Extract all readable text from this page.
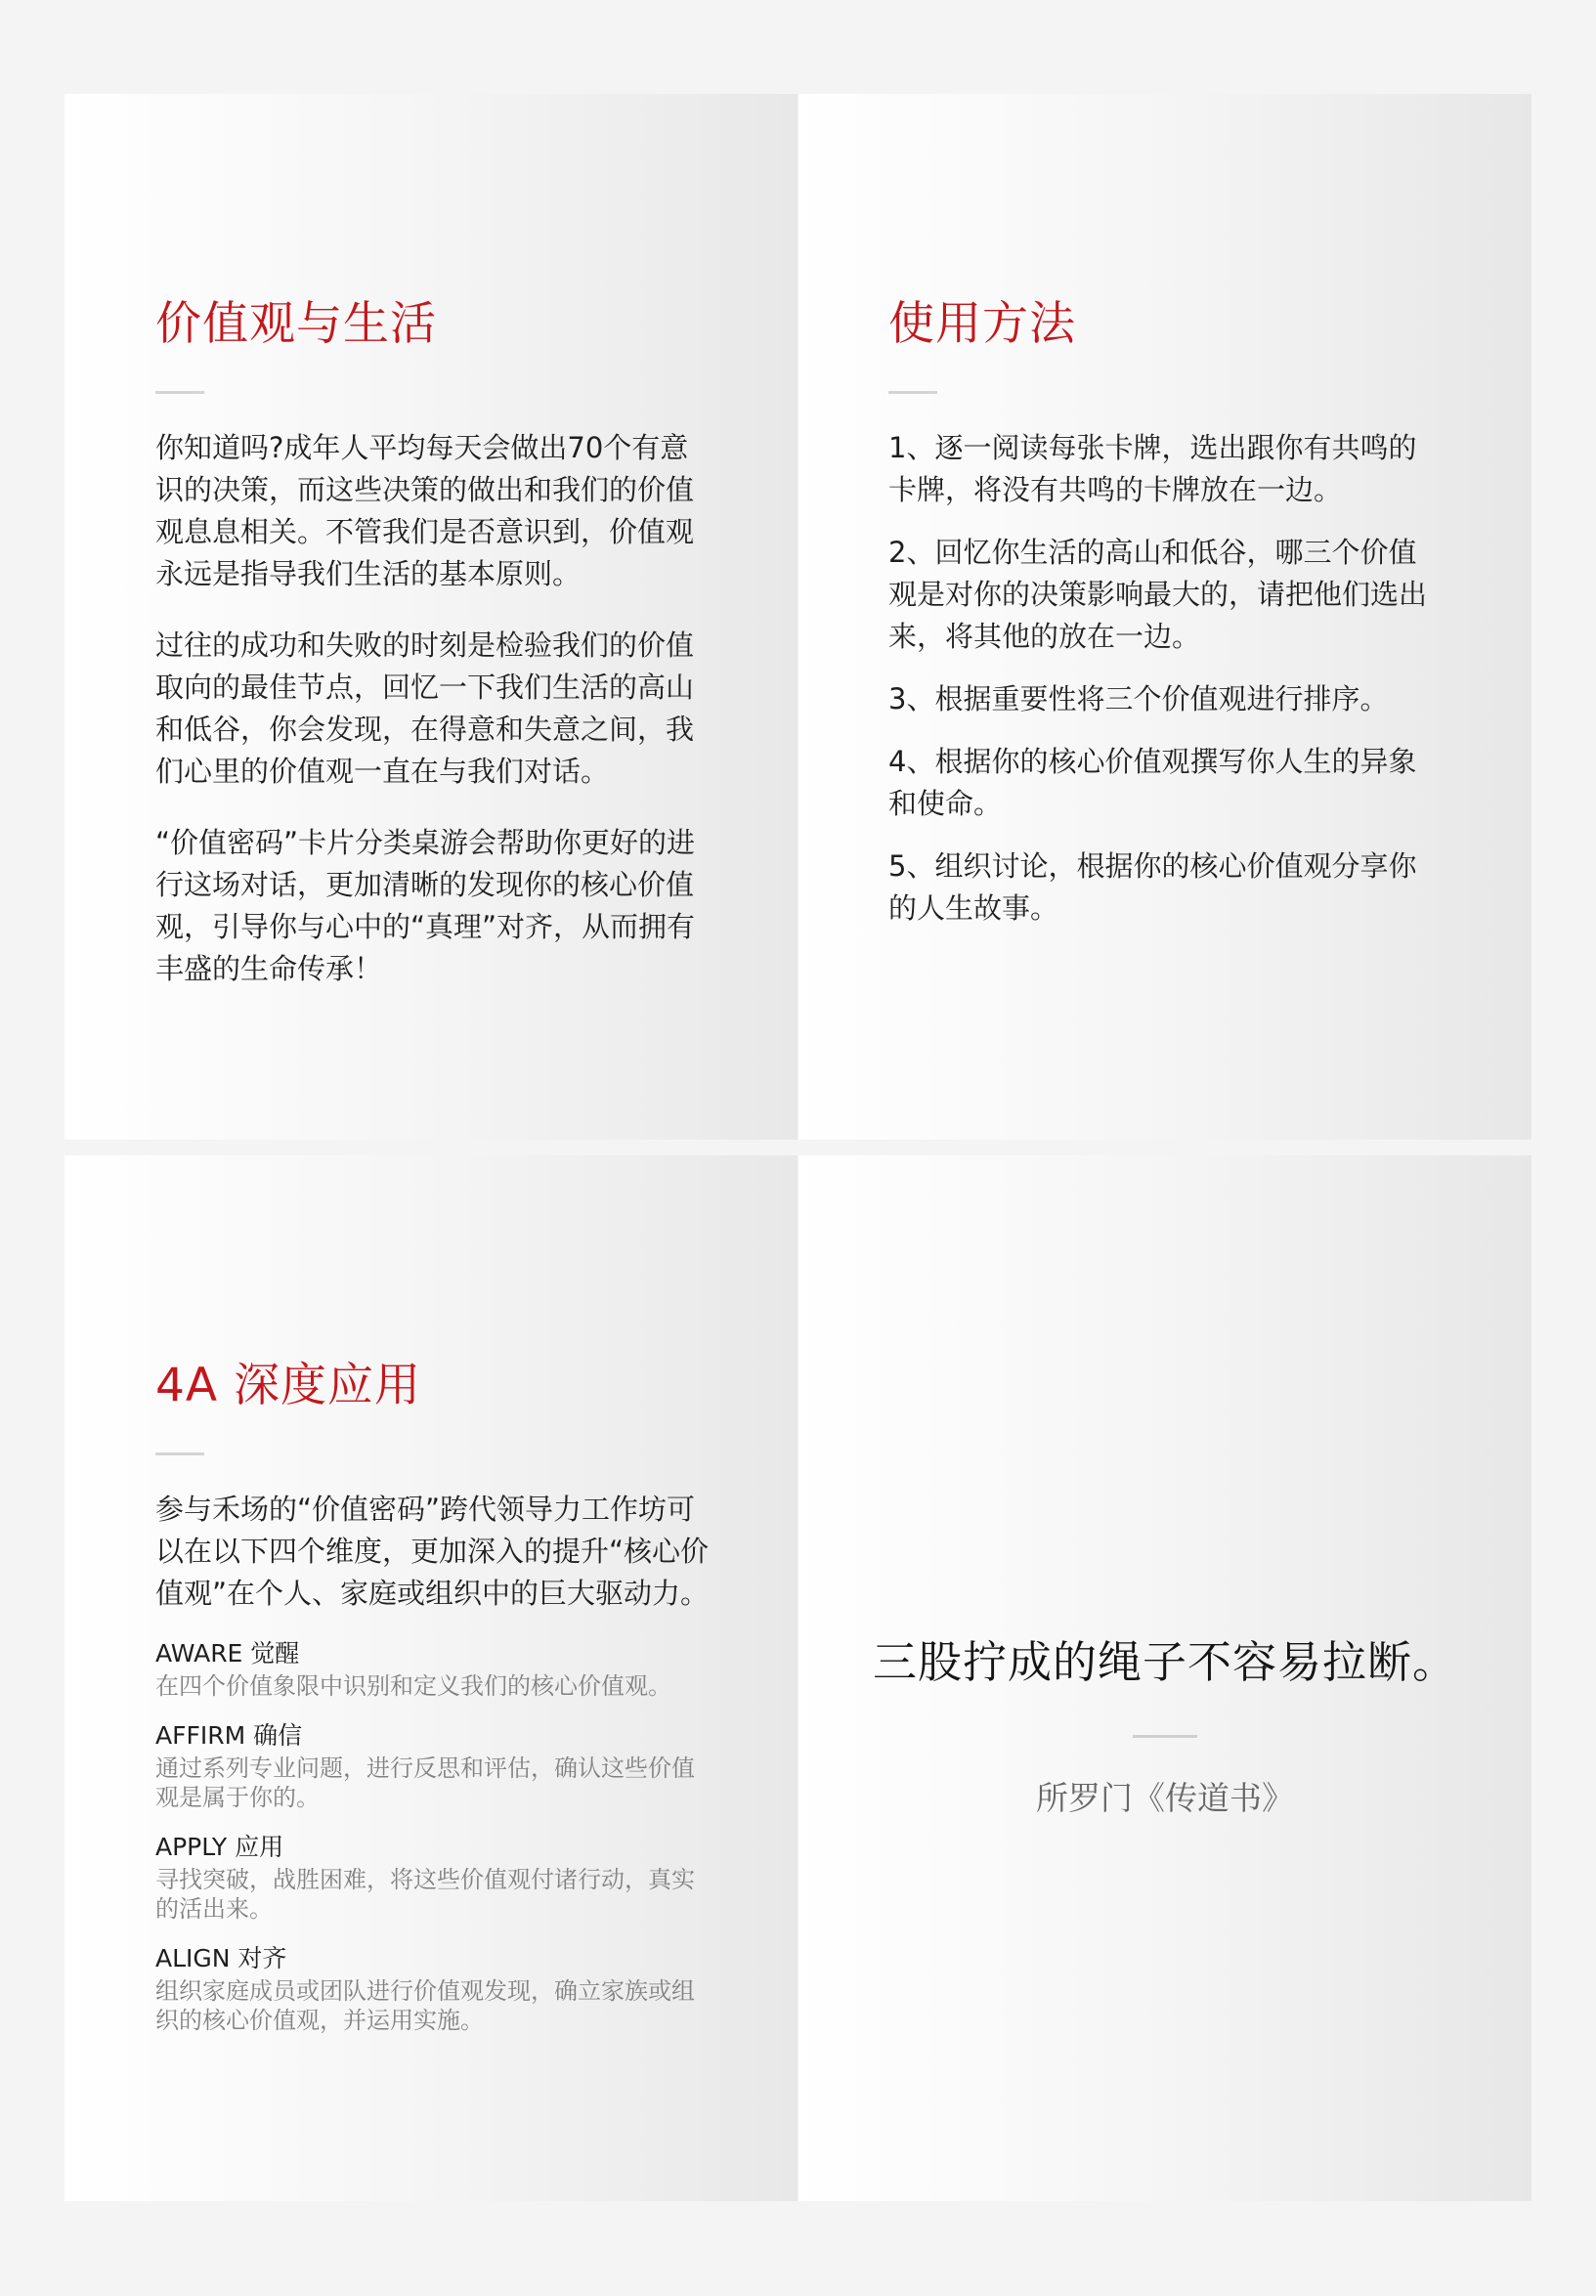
价值观与生活

你知道吗?成年人平均每天会做出70个有意识的决策，而这些决策的做出和我们的价值观息息相关。不管我们是否意识到，价值观永远是指导我们生活的基本原则。

过往的成功和失败的时刻是检验我们的价值取向的最佳节点，回忆一下我们生活的高山和低谷，你会发现，在得意和失意之间，我们心里的价值观一直在与我们对话。

“价值密码”卡片分类桌游会帮助你更好的进行这场对话，更加清晰的发现你的核心价值观，引导你与心中的“真理”对齐，从而拥有丰盛的生命传承！

使用方法

1、逐一阅读每张卡牌，选出跟你有共鸣的卡牌，将没有共鸣的卡牌放在一边。

2、回忆你生活的高山和低谷，哪三个价值观是对你的决策影响最大的，请把他们选出来，将其他的放在一边。

3、根据重要性将三个价值观进行排序。

4、根据你的核心价值观撰写你人生的异象和使命。

5、组织讨论，根据你的核心价值观分享你的人生故事。

4A 深度应用

参与禾场的“价值密码”跨代领导力工作坊可以在以下四个维度，更加深入的提升“核心价值观”在个人、家庭或组织中的巨大驱动力。

AWARE 觉醒

在四个价值象限中识别和定义我们的核心价值观。

AFFIRM 确信

通过系列专业问题，进行反思和评估，确认这些价值观是属于你的。

APPLY 应用

寻找突破，战胜困难，将这些价值观付诸行动，真实的活出来。

ALIGN 对齐

组织家庭成员或团队进行价值观发现，确立家族或组织的核心价值观，并运用实施。

三股拧成的绳子不容易拉断。

所罗门《传道书》
